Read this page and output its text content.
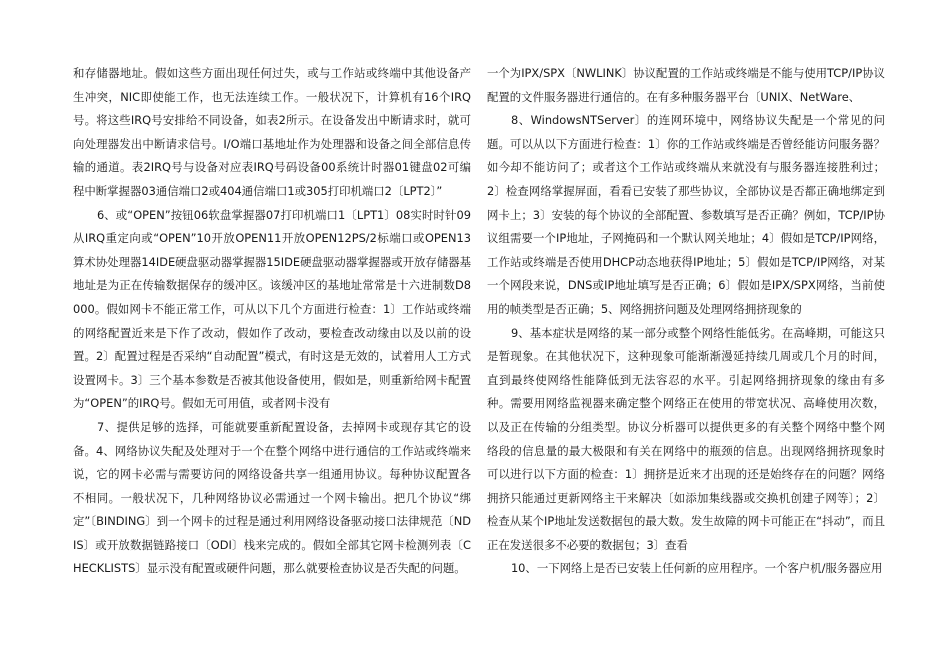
和存储器地址。假如这些方面出现任何过失，或与工作站或终端中其他设备产生冲突，NIC即使能工作，也无法连续工作。一般状况下，计算机有16个IRQ号。将这些IRQ号安排给不同设备，如表2所示。在设备发出中断请求时，就可向处理器发出中断请求信号。I/O端口基地址作为处理器和设备之间全部信息传输的通道。表2IRQ号与设备对应表IRQ号码设备00系统计时器01键盘02可编程中断掌握器03通信端口2或404通信端口1或305打印机端口2〔LPT2〕”

6、或“OPEN”按钮06软盘掌握器07打印机端口1〔LPT1〕08实时时针09从IRQ重定向或“OPEN”10开放OPEN11开放OPEN12PS/2标端口或OPEN13算术协处理器14IDE硬盘驱动器掌握器15IDE硬盘驱动器掌握器或开放存储器基地址是为正在传输数据保存的缓冲区。该缓冲区的基地址常常是十六进制数D8000。假如网卡不能正常工作，可从以下几个方面进行检查：1〕工作站或终端的网络配置近来是下作了改动，假如作了改动，要检查改动缘由以及以前的设置。2〕配置过程是否采纳“自动配置”模式，有时这是无效的，试着用人工方式设置网卡。3〕三个基本参数是否被其他设备使用，假如是，则重新给网卡配置为“OPEN”的IRQ号。假如无可用值，或者网卡没有

7、提供足够的选择，可能就要重新配置设备，去掉网卡或现存其它的设备。4、网络协议失配及处理对于一个在整个网络中进行通信的工作站或终端来说，它的网卡必需与需要访问的网络设备共享一组通用协议。每种协议配置各不相同。一般状况下，几种网络协议必需通过一个网卡输出。把几个协议“绑定”〔BINDING〕到一个网卡的过程是通过利用网络设备驱动接口法律规范〔NDIS〕或开放数据链路接口〔ODI〕栈来完成的。假如全部其它网卡检测列表〔CHECKLISTS〕显示没有配置或硬件问题，那么就要检查协议是否失配的问题。

一个为IPX/SPX〔NWLINK〕协议配置的工作站或终端是不能与使用TCP/IP协议配置的文件服务器进行通信的。在有多种服务器平台〔UNIX、NetWare、

8、WindowsNTServer〕的连网环境中，网络协议失配是一个常见的问题。可以从以下方面进行检查：1〕你的工作站或终端是否曾经能访问服务器？如今却不能访问了；或者这个工作站或终端从来就没有与服务器连接胜利过；2〕检查网络掌握屏面，看看已安装了那些协议，全部协议是否都正确地绑定到网卡上；3〕安装的每个协议的全部配置、参数填写是否正确？例如，TCP/IP协议组需要一个IP地址，子网掩码和一个默认网关地址；4〕假如是TCP/IP网络，工作站或终端是否使用DHCP动态地获得IP地址；5〕假如是TCP/IP网络，对某一个网段来说，DNS或IP地址填写是否正确；6〕假如是IPX/SPX网络，当前使用的帧类型是否正确；5、网络拥挤问题及处理网络拥挤现象的

9、基本症状是网络的某一部分或整个网络性能低劣。在高峰期，可能这只是暂现象。在其他状况下，这种现象可能渐渐漫延持续几周或几个月的时间，直到最终使网络性能降低到无法容忍的水平。引起网络拥挤现象的缘由有多种。需要用网络监视器来确定整个网络正在使用的带宽状况、高峰使用次数，以及正在传输的分组类型。协议分析器可以提供更多的有关整个网络中整个网络段的信息量的最大极限和有关在网络中的瓶颈的信息。出现网络拥挤现象时可以进行以下方面的检查：1〕拥挤是近来才出现的还是始终存在的问题？网络拥挤只能通过更新网络主干来解决〔如添加集线器或交换机创建子网等〕；2〕检查从某个IP地址发送数据包的最大数。发生故障的网卡可能正在“抖动”，而且正在发送很多不必要的数据包；3〕查看

10、一下网络上是否已安装上任何新的应用程序。一个客户机/服务器应用
